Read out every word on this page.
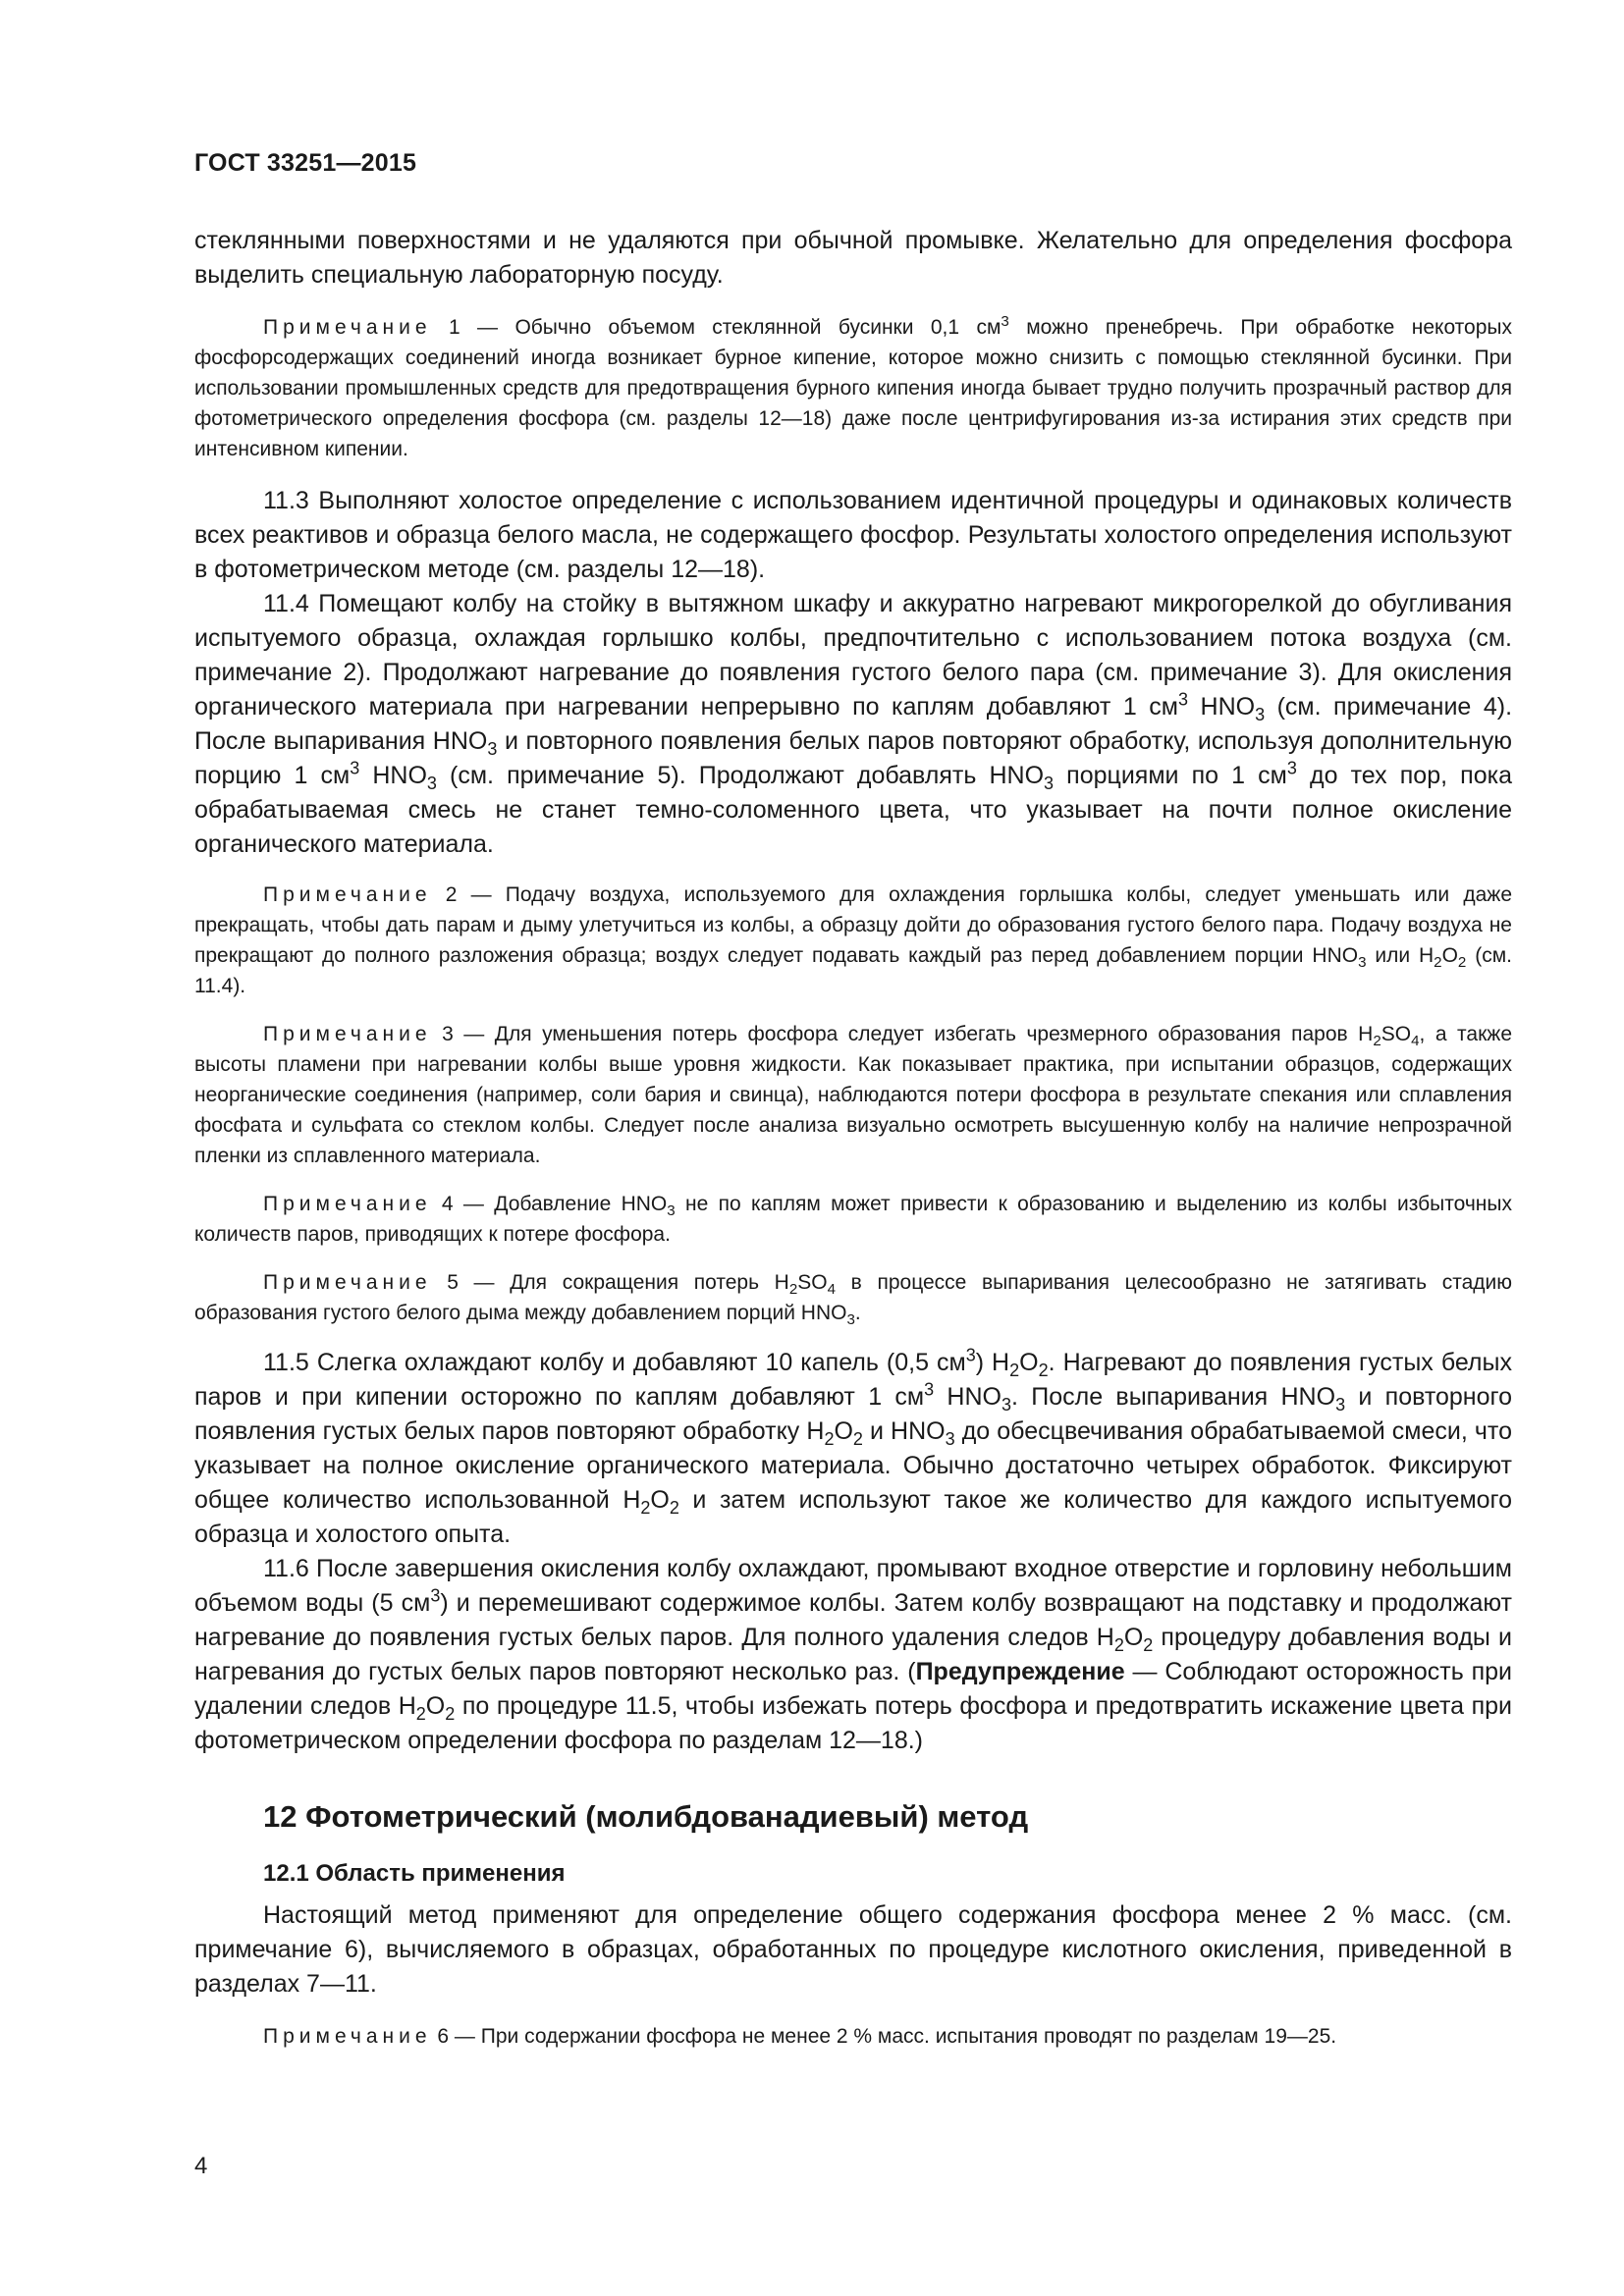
ГОСТ 33251—2015

стеклянными поверхностями и не удаляются при обычной промывке. Желательно для определения фосфора выделить специальную лабораторную посуду.

Примечание 1 — Обычно объемом стеклянной бусинки 0,1 $см^3$ можно пренебречь. При обработке некоторых фосфорсодержащих соединений иногда возникает бурное кипение, которое можно снизить с помощью стеклянной бусинки. При использовании промышленных средств для предотвращения бурного кипения иногда бывает трудно получить прозрачный раствор для фотометрического определения фосфора (см. разделы 12—18) даже после центрифугирования из-за истирания этих средств при интенсивном кипении.

11.3 Выполняют холостое определение с использованием идентичной процедуры и одинаковых количеств всех реактивов и образца белого масла, не содержащего фосфор. Результаты холостого определения используют в фотометрическом методе (см. разделы 12—18).

11.4 Помещают колбу на стойку в вытяжном шкафу и аккуратно нагревают микрогорелкой до обугливания испытуемого образца, охлаждая горлышко колбы, предпочтительно с использованием потока воздуха (см. примечание 2). Продолжают нагревание до появления густого белого пара (см. примечание 3). Для окисления органического материала при нагревании непрерывно по каплям добавляют 1 $см^3$ $HNO_3$ (см. примечание 4). После выпаривания $HNO_3$ и повторного появления белых паров повторяют обработку, используя дополнительную порцию 1 $см^3$ $HNO_3$ (см. примечание 5). Продолжают добавлять $HNO_3$ порциями по 1 $см^3$ до тех пор, пока обрабатываемая смесь не станет темно-соломенного цвета, что указывает на почти полное окисление органического материала.

Примечание 2 — Подачу воздуха, используемого для охлаждения горлышка колбы, следует уменьшать или даже прекращать, чтобы дать парам и дыму улетучиться из колбы, а образцу дойти до образования густого белого пара. Подачу воздуха не прекращают до полного разложения образца; воздух следует подавать каждый раз перед добавлением порции $HNO_3$ или $H_2O_2$ (см. 11.4).

Примечание 3 — Для уменьшения потерь фосфора следует избегать чрезмерного образования паров $H_2SO_4$, а также высоты пламени при нагревании колбы выше уровня жидкости. Как показывает практика, при испытании образцов, содержащих неорганические соединения (например, соли бария и свинца), наблюдаются потери фосфора в результате спекания или сплавления фосфата и сульфата со стеклом колбы. Следует после анализа визуально осмотреть высушенную колбу на наличие непрозрачной пленки из сплавленного материала.

Примечание 4 — Добавление $HNO_3$ не по каплям может привести к образованию и выделению из колбы избыточных количеств паров, приводящих к потере фосфора.

Примечание 5 — Для сокращения потерь $H_2SO_4$ в процессе выпаривания целесообразно не затягивать стадию образования густого белого дыма между добавлением порций $HNO_3$.

11.5 Слегка охлаждают колбу и добавляют 10 капель (0,5 $см^3$) $H_2O_2$. Нагревают до появления густых белых паров и при кипении осторожно по каплям добавляют 1 $см^3$ $HNO_3$. После выпаривания $HNO_3$ и повторного появления густых белых паров повторяют обработку $H_2O_2$ и $HNO_3$ до обесцвечивания обрабатываемой смеси, что указывает на полное окисление органического материала. Обычно достаточно четырех обработок. Фиксируют общее количество использованной $H_2O_2$ и затем используют такое же количество для каждого испытуемого образца и холостого опыта.

11.6 После завершения окисления колбу охлаждают, промывают входное отверстие и горловину небольшим объемом воды (5 $см^3$) и перемешивают содержимое колбы. Затем колбу возвращают на подставку и продолжают нагревание до появления густых белых паров. Для полного удаления следов $H_2O_2$ процедуру добавления воды и нагревания до густых белых паров повторяют несколько раз. (Предупреждение — Соблюдают осторожность при удалении следов $H_2O_2$ по процедуре 11.5, чтобы избежать потерь фосфора и предотвратить искажение цвета при фотометрическом определении фосфора по разделам 12—18.)

12 Фотометрический (молибдованадиевый) метод
12.1 Область применения

Настоящий метод применяют для определение общего содержания фосфора менее 2 % масс. (см. примечание 6), вычисляемого в образцах, обработанных по процедуре кислотного окисления, приведенной в разделах 7—11.

Примечание 6 — При содержании фосфора не менее 2 % масс. испытания проводят по разделам 19—25.

4
